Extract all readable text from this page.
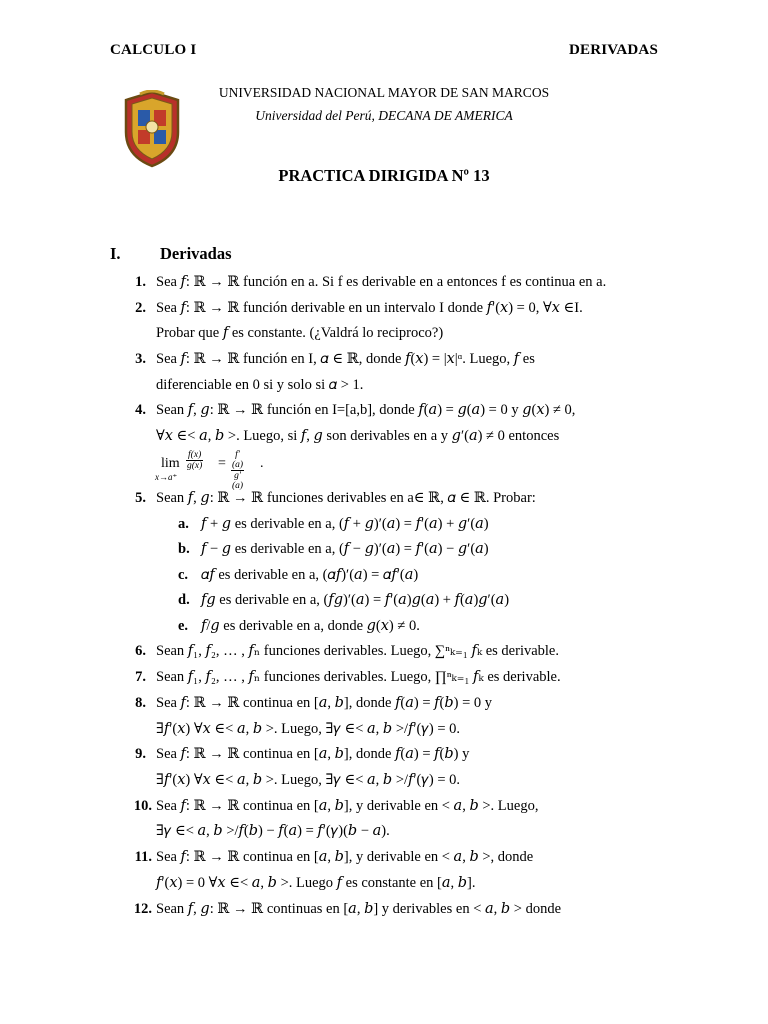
CALCULO I	DERIVADAS
UNIVERSIDAD NACIONAL MAYOR DE SAN MARCOS
Universidad del Perú, DECANA DE AMERICA
PRACTICA DIRIGIDA Nº 13
I. Derivadas
1. Sea 𝑓: ℝ → ℝ función en a. Si f es derivable en a entonces f es continua en a.
2. Sea 𝑓: ℝ → ℝ función derivable en un intervalo I donde 𝑓′(𝑥) = 0, ∀𝑥 ∈I.
Probar que 𝑓 es constante. (¿Valdrá lo reciproco?)
3. Sea 𝑓: ℝ → ℝ función en I, 𝛼 ∈ ℝ, donde 𝑓(𝑥) = |𝑥|ᵅ. Luego, 𝑓 es
diferenciable en 0 si y solo si 𝛼 > 1.
4. Sean 𝑓, 𝑔: ℝ → ℝ función en I=[a,b], donde 𝑓(𝑎) = 𝑔(𝑎) = 0 y 𝑔(𝑥) ≠ 0,
∀𝑥 ∈< 𝑎, 𝑏 >. Luego, si 𝑓, 𝑔 son derivables en a y 𝑔′(𝑎) ≠ 0 entonces
lim
x→a⁺
$\frac{f(x)}{g(x)} = \frac{f'(a)}{g'(a)}$ .
5. Sean 𝑓, 𝑔: ℝ → ℝ funciones derivables en a∈ ℝ, 𝛼 ∈ ℝ. Probar:
a. 𝑓 + 𝑔 es derivable en a, (𝑓 + 𝑔)′(𝑎) = 𝑓′(𝑎) + 𝑔′(𝑎)
b. 𝑓 − 𝑔 es derivable en a, (𝑓 − 𝑔)′(𝑎) = 𝑓′(𝑎) − 𝑔′(𝑎)
c. 𝛼𝑓 es derivable en a, (𝛼𝑓)′(𝑎) = 𝛼𝑓′(𝑎)
d. 𝑓𝑔 es derivable en a, (𝑓𝑔)′(𝑎) = 𝑓′(𝑎)𝑔(𝑎) + 𝑓(𝑎)𝑔′(𝑎)
e. 𝑓/𝑔 es derivable en a, donde 𝑔(𝑥) ≠ 0.
6. Sean 𝑓₁, 𝑓₂, … , 𝑓ₙ funciones derivables. Luego, ∑ⁿₖ₌₁ 𝑓ₖ es derivable.
7. Sean 𝑓₁, 𝑓₂, … , 𝑓ₙ funciones derivables. Luego, ∏ⁿₖ₌₁ 𝑓ₖ es derivable.
8. Sea 𝑓: ℝ → ℝ continua en [𝑎, 𝑏], donde 𝑓(𝑎) = 𝑓(𝑏) = 0 y
∃𝑓′(𝑥) ∀𝑥 ∈< 𝑎, 𝑏 >. Luego, ∃𝛾 ∈< 𝑎, 𝑏 >/𝑓′(𝛾) = 0.
9. Sea 𝑓: ℝ → ℝ continua en [𝑎, 𝑏], donde 𝑓(𝑎) = 𝑓(𝑏) y
∃𝑓′(𝑥) ∀𝑥 ∈< 𝑎, 𝑏 >. Luego, ∃𝛾 ∈< 𝑎, 𝑏 >/𝑓′(𝛾) = 0.
10. Sea 𝑓: ℝ → ℝ continua en [𝑎, 𝑏], y derivable en < 𝑎, 𝑏 >. Luego,
∃𝛾 ∈< 𝑎, 𝑏 >/𝑓(𝑏) − 𝑓(𝑎) = 𝑓′(𝛾)(𝑏 − 𝑎).
11. Sea 𝑓: ℝ → ℝ continua en [𝑎, 𝑏], y derivable en < 𝑎, 𝑏 >, donde
𝑓′(𝑥) = 0 ∀𝑥 ∈< 𝑎, 𝑏 >. Luego 𝑓 es constante en [𝑎, 𝑏].
12. Sean 𝑓, 𝑔: ℝ → ℝ continuas en [𝑎, 𝑏] y derivables en < 𝑎, 𝑏 > donde
